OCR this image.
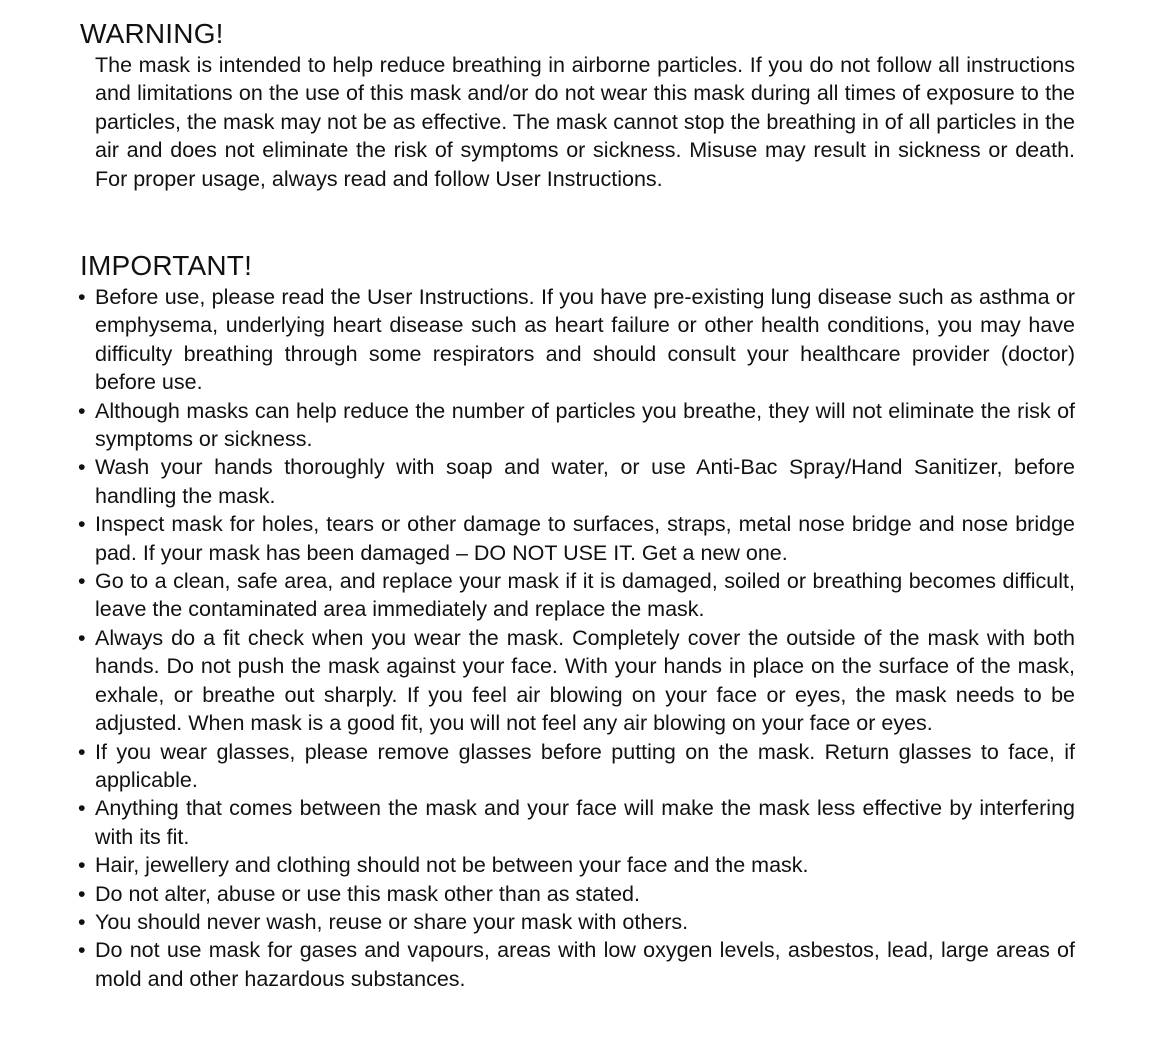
WARNING!

The mask is intended to help reduce breathing in airborne particles. If you do not follow all instructions and limitations on the use of this mask and/or do not wear this mask during all times of exposure to the particles, the mask may not be as effective. The mask cannot stop the breathing in of all particles in the air and does not eliminate the risk of symptoms or sickness. Misuse may result in sickness or death. For proper usage, always read and follow User Instructions.

IMPORTANT!
• Before use, please read the User Instructions. If you have pre-existing lung disease such as asthma or emphysema, underlying heart disease such as heart failure or other health conditions, you may have difficulty breathing through some respirators and should consult your healthcare provider (doctor) before use.
• Although masks can help reduce the number of particles you breathe, they will not eliminate the risk of symptoms or sickness.
• Wash your hands thoroughly with soap and water, or use Anti-Bac Spray/Hand Sanitizer, before handling the mask.
• Inspect mask for holes, tears or other damage to surfaces, straps, metal nose bridge and nose bridge pad. If your mask has been damaged – DO NOT USE IT. Get a new one.
• Go to a clean, safe area, and replace your mask if it is damaged, soiled or breathing becomes difficult, leave the contaminated area immediately and replace the mask.
• Always do a fit check when you wear the mask. Completely cover the outside of the mask with both hands. Do not push the mask against your face. With your hands in place on the surface of the mask, exhale, or breathe out sharply. If you feel air blowing on your face or eyes, the mask needs to be adjusted. When mask is a good fit, you will not feel any air blowing on your face or eyes.
• If you wear glasses, please remove glasses before putting on the mask. Return glasses to face, if applicable.
• Anything that comes between the mask and your face will make the mask less effective by interfering with its fit.
• Hair, jewellery and clothing should not be between your face and the mask.
• Do not alter, abuse or use this mask other than as stated.
• You should never wash, reuse or share your mask with others.
• Do not use mask for gases and vapours, areas with low oxygen levels, asbestos, lead, large areas of mold and other hazardous substances.
